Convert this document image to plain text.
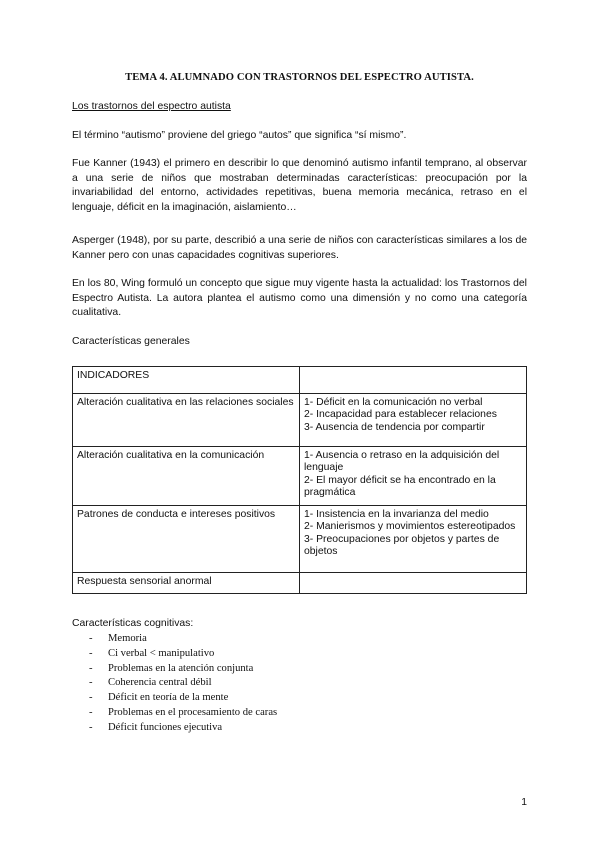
TEMA 4. ALUMNADO CON TRASTORNOS DEL ESPECTRO AUTISTA.
Los trastornos del espectro autista

El término “autismo” proviene del griego “autos” que significa “sí mismo”.

Fue Kanner (1943) el primero en describir lo que denominó autismo infantil temprano, al observar a una serie de niños que mostraban determinadas características: preocupación por la invariabilidad del entorno, actividades repetitivas, buena memoria mecánica, retraso en el lenguaje, déficit en la imaginación, aislamiento…

Asperger (1948), por su parte, describió a una serie de niños con características similares a los de Kanner pero con unas capacidades cognitivas superiores.

En los 80, Wing formuló un concepto que sigue muy vigente hasta la actualidad: los Trastornos del Espectro Autista. La autora plantea el autismo como una dimensión y no como una categoría cualitativa.

Características generales
INDICADORES	
Alteración cualitativa en las relaciones sociales	1- Déficit en la comunicación no verbal
2- Incapacidad para establecer relaciones
3- Ausencia de tendencia por compartir

Alteración cualitativa en la comunicación	1- Ausencia o retraso en la adquisición del lenguaje
2- El mayor déficit se ha encontrado en la pragmática

Patrones de conducta e intereses positivos	1- Insistencia en la invarianza del medio
2- Manierismos y movimientos estereotipados
3- Preocupaciones por objetos y partes de objetos

Respuesta sensorial anormal	
Características cognitivas:
- Memoria
- Ci verbal < manipulativo
- Problemas en la atención conjunta
- Coherencia central débil
- Déficit en teoría de la mente
- Problemas en el procesamiento de caras
- Déficit funciones ejecutiva
1
